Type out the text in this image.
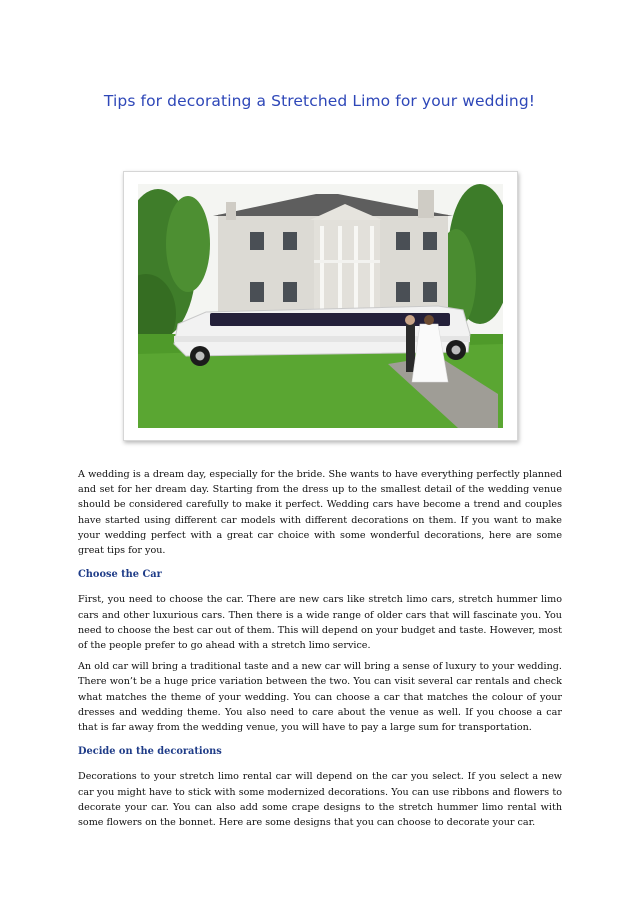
Tips for decorating a Stretched Limo for your wedding!

A wedding is a dream day, especially for the bride. She wants to have everything perfectly planned and set for her dream day. Starting from the dress up to the smallest detail of the wedding venue should be considered carefully to make it perfect. Wedding cars have become a trend and couples have started using different car models with different decorations on them. If you want to make your wedding perfect with a great car choice with some wonderful decorations, here are some great tips for you.

Choose the Car

First, you need to choose the car. There are new cars like stretch limo cars, stretch hummer limo cars and other luxurious cars. Then there is a wide range of older cars that will fascinate you. You need to choose the best car out of them. This will depend on your budget and taste. However, most of the people prefer to go ahead with a stretch limo service.

An old car will bring a traditional taste and a new car will bring a sense of luxury to your wedding. There won’t be a huge price variation between the two. You can visit several car rentals and check what matches the theme of your wedding. You can choose a car that matches the colour of your dresses and wedding theme. You also need to care about the venue as well. If you choose a car that is far away from the wedding venue, you will have to pay a large sum for transportation.

Decide on the decorations

Decorations to your stretch limo rental car will depend on the car you select. If you select a new car you might have to stick with some modernized decorations. You can use ribbons and flowers to decorate your car. You can also add some crape designs to the stretch hummer limo rental with some flowers on the bonnet. Here are some designs that you can choose to decorate your car.
